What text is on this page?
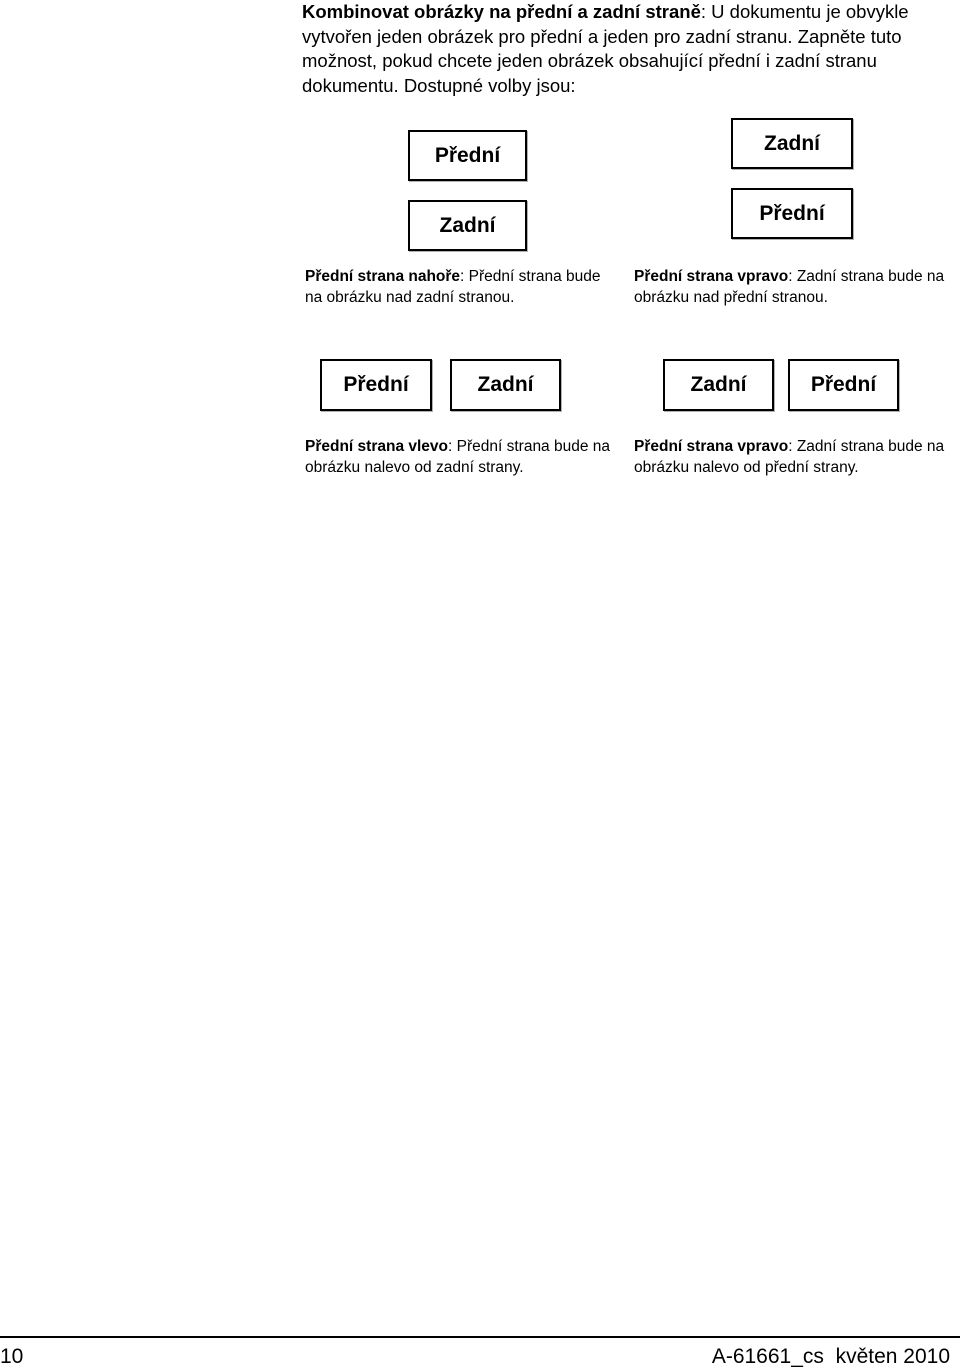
Kombinovat obrázky na přední a zadní straně: U dokumentu je obvykle vytvořen jeden obrázek pro přední a jeden pro zadní stranu. Zapněte tuto možnost, pokud chcete jeden obrázek obsahující přední i zadní stranu dokumentu. Dostupné volby jsou:

Přední
Zadní

Přední strana nahoře: Přední strana bude na obrázku nad zadní stranou.

Zadní
Přední

Přední strana vpravo: Zadní strana bude na obrázku nad přední stranou.

Přední	Zadní

Přední strana vlevo: Přední strana bude na obrázku nalevo od zadní strany.

Zadní	Přední

Přední strana vpravo: Zadní strana bude na obrázku nalevo od přední strany.

10	A-61661_cs  květen 2010
